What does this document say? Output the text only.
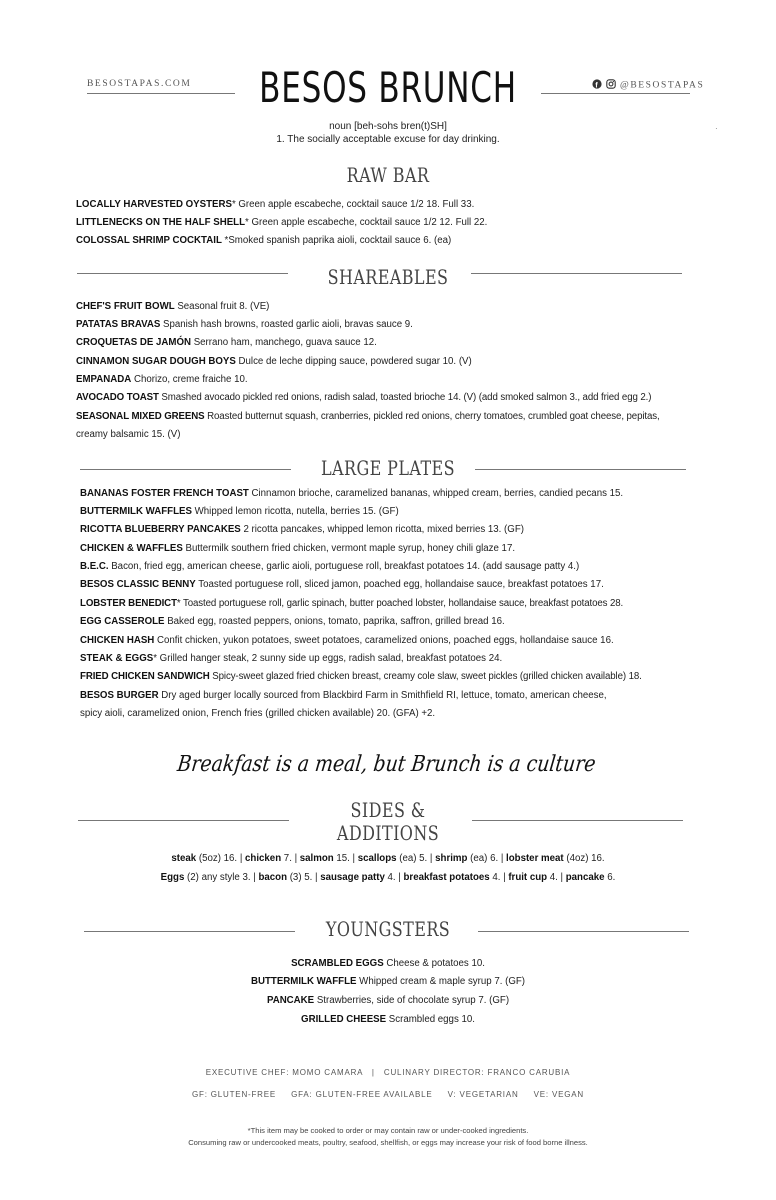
BESOSTAPAS.COM	BESOS BRUNCH	f @BESOSTAPAS
noun [beh-sohs bren(t)SH]
1. The socially acceptable excuse for day drinking.
·
RAW BAR
LOCALLY HARVESTED OYSTERS* Green apple escabeche, cocktail sauce 1/2 18. Full 33.
LITTLENECKS ON THE HALF SHELL* Green apple escabeche, cocktail sauce 1/2 12. Full 22.
COLOSSAL SHRIMP COCKTAIL *Smoked spanish paprika aioli, cocktail sauce 6. (ea)
SHAREABLES
CHEF'S FRUIT BOWL Seasonal fruit 8. (VE)
PATATAS BRAVAS Spanish hash browns, roasted garlic aioli, bravas sauce 9.
CROQUETAS DE JAMÓN Serrano ham, manchego, guava sauce 12.
CINNAMON SUGAR DOUGH BOYS Dulce de leche dipping sauce, powdered sugar 10. (V)
EMPANADA Chorizo, creme fraiche 10.
AVOCADO TOAST Smashed avocado pickled red onions, radish salad, toasted brioche 14. (V) (add smoked salmon 3., add fried egg 2.)
SEASONAL MIXED GREENS Roasted butternut squash, cranberries, pickled red onions, cherry tomatoes, crumbled goat cheese, pepitas,
creamy balsamic 15. (V)
LARGE PLATES
BANANAS FOSTER FRENCH TOAST Cinnamon brioche, caramelized bananas, whipped cream, berries, candied pecans 15.
BUTTERMILK WAFFLES Whipped lemon ricotta, nutella, berries 15. (GF)
RICOTTA BLUEBERRY PANCAKES 2 ricotta pancakes, whipped lemon ricotta, mixed berries 13. (GF)
CHICKEN & WAFFLES Buttermilk southern fried chicken, vermont maple syrup, honey chili glaze 17.
B.E.C. Bacon, fried egg, american cheese, garlic aioli, portuguese roll, breakfast potatoes 14. (add sausage patty 4.)
BESOS CLASSIC BENNY Toasted portuguese roll, sliced jamon, poached egg, hollandaise sauce, breakfast potatoes 17.
LOBSTER BENEDICT* Toasted portuguese roll, garlic spinach, butter poached lobster, hollandaise sauce, breakfast potatoes 28.
EGG CASSEROLE Baked egg, roasted peppers, onions, tomato, paprika, saffron, grilled bread 16.
CHICKEN HASH Confit chicken, yukon potatoes, sweet potatoes, caramelized onions, poached eggs, hollandaise sauce 16.
STEAK & EGGS* Grilled hanger steak, 2 sunny side up eggs, radish salad, breakfast potatoes 24.
FRIED CHICKEN SANDWICH Spicy-sweet glazed fried chicken breast, creamy cole slaw, sweet pickles (grilled chicken available) 18.
BESOS BURGER Dry aged burger locally sourced from Blackbird Farm in Smithfield RI, lettuce, tomato, american cheese,
spicy aioli, caramelized onion, French fries (grilled chicken available) 20. (GFA) +2.
Breakfast is a meal, but Brunch is a culture
SIDES &
ADDITIONS
steak (5oz) 16. | chicken 7. | salmon 15. | scallops (ea) 5. | shrimp (ea) 6. | lobster meat (4oz) 16.
Eggs (2) any style 3. | bacon (3) 5. | sausage patty 4. | breakfast potatoes 4. | fruit cup 4. | pancake 6.
YOUNGSTERS
SCRAMBLED EGGS Cheese & potatoes 10.
BUTTERMILK WAFFLE Whipped cream & maple syrup 7. (GF)
PANCAKE Strawberries, side of chocolate syrup 7. (GF)
GRILLED CHEESE Scrambled eggs 10.
EXECUTIVE CHEF: MOMO CAMARA   |   CULINARY DIRECTOR: FRANCO CARUBIA
GF: GLUTEN-FREE     GFA: GLUTEN-FREE AVAILABLE     V: VEGETARIAN     VE: VEGAN
*This item may be cooked to order or may contain raw or under-cooked ingredients.
Consuming raw or undercooked meats, poultry, seafood, shellfish, or eggs may increase your risk of food borne illness.
